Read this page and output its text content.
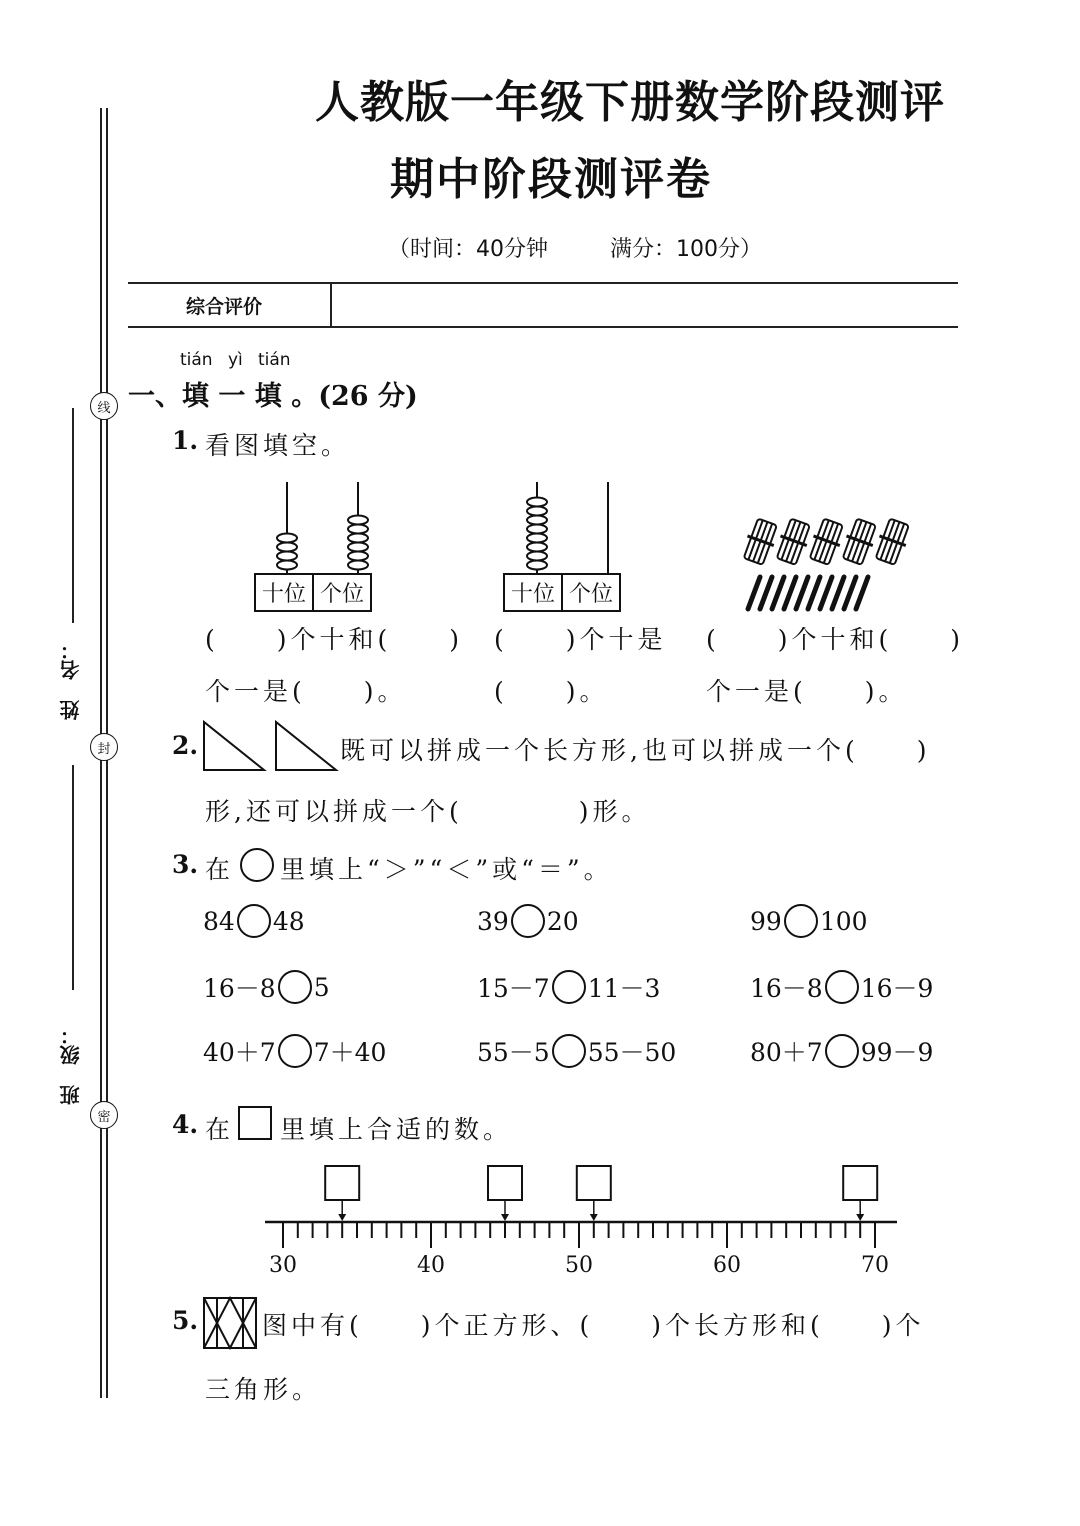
姓　名：
班　级：
线
封
密
人教版一年级下册数学阶段测评
期中阶段测评卷
（时间：40分钟	满分：100分）
综合评价
tián yì tián
一、填 一 填 。(26 分)
1. 看图填空。
十位 个位	十位 个位
(　　)个十和(　　)
个一是(　　)。
(　　)个十是
(　　)。
(　　)个十和(　　)
个一是(　　)。
2.	既可以拼成一个长方形,也可以拼成一个(　　)
形,还可以拼成一个(　　　　)形。
3. 在 里填上“＞”“＜”或“＝”。
84 48	39 20	99 100
16－8 5	15－7 11－3	16－8 16－9
40＋7 7＋40	55－5 55－50	80＋7 99－9
4. 在 里填上合适的数。
30	40	50	60	70
5.	图中有(　　)个正方形、(　　)个长方形和(　　)个
三角形。
